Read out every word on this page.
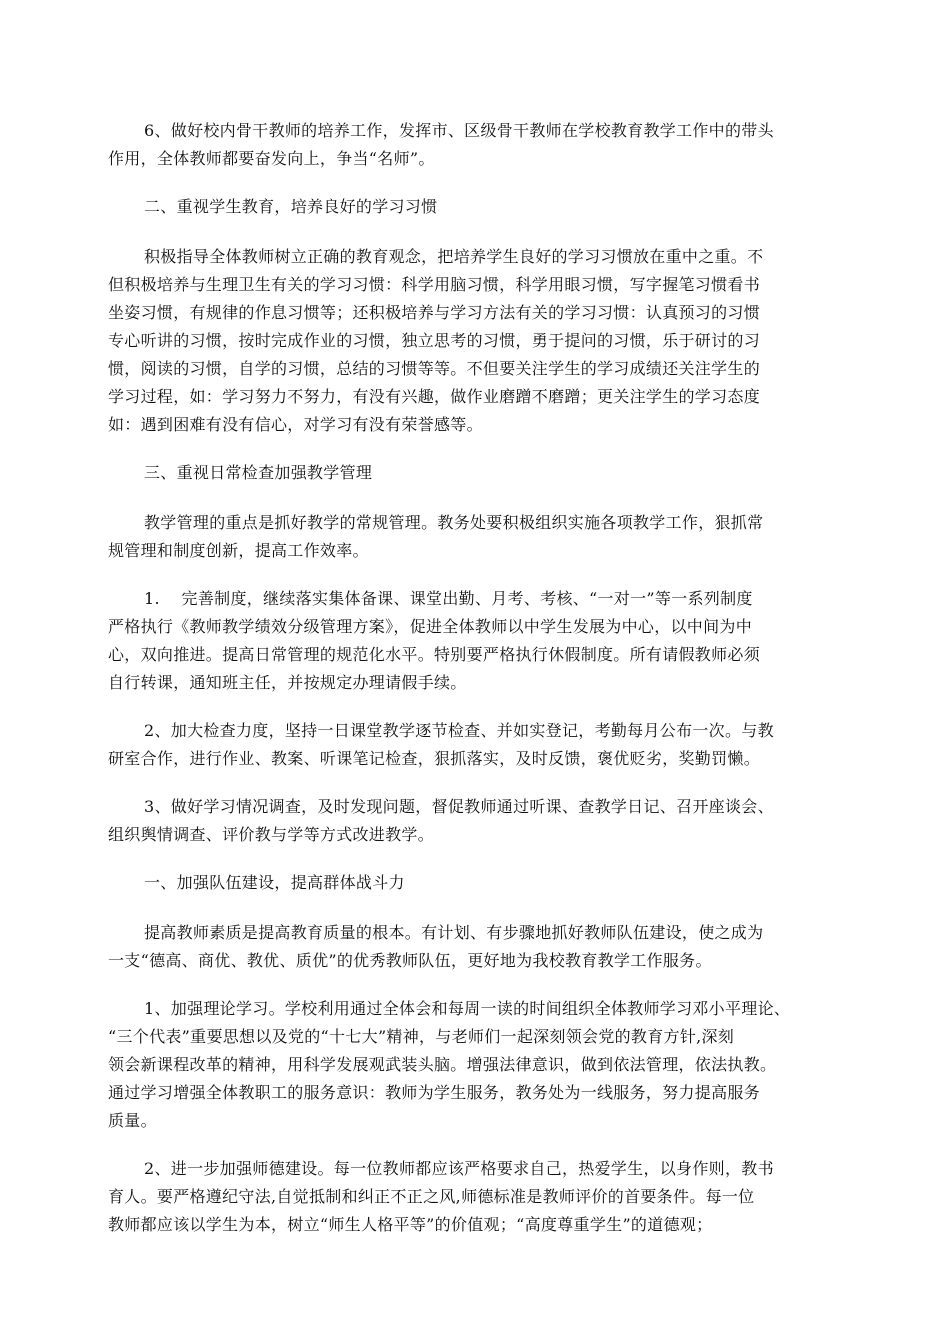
6、做好校内骨干教师的培养工作，发挥市、区级骨干教师在学校教育教学工作中的带头
作用，全体教师都要奋发向上，争当“名师”。

二、重视学生教育，培养良好的学习习惯

积极指导全体教师树立正确的教育观念，把培养学生良好的学习习惯放在重中之重。不
但积极培养与生理卫生有关的学习习惯：科学用脑习惯，科学用眼习惯，写字握笔习惯看书
坐姿习惯，有规律的作息习惯等；还积极培养与学习方法有关的学习习惯：认真预习的习惯
专心听讲的习惯，按时完成作业的习惯，独立思考的习惯，勇于提问的习惯，乐于研讨的习
惯，阅读的习惯，自学的习惯，总结的习惯等等。不但要关注学生的学习成绩还关注学生的
学习过程，如：学习努力不努力，有没有兴趣，做作业磨蹭不磨蹭；更关注学生的学习态度
如：遇到困难有没有信心，对学习有没有荣誉感等。

三、重视日常检查加强教学管理

教学管理的重点是抓好教学的常规管理。教务处要积极组织实施各项教学工作，狠抓常
规管理和制度创新，提高工作效率。

1.　 完善制度，继续落实集体备课、课堂出勤、月考、考核、“一对一”等一系列制度
严格执行《教师教学绩效分级管理方案》，促进全体教师以中学生发展为中心，以中间为中
心，双向推进。提高日常管理的规范化水平。特别要严格执行休假制度。所有请假教师必须
自行转课，通知班主任，并按规定办理请假手续。

2、加大检查力度，坚持一日课堂教学逐节检查、并如实登记，考勤每月公布一次。与教
研室合作，进行作业、教案、听课笔记检查，狠抓落实，及时反馈，褒优贬劣，奖勤罚懒。

3、做好学习情况调查，及时发现问题，督促教师通过听课、查教学日记、召开座谈会、
组织舆情调查、评价教与学等方式改进教学。

一、加强队伍建设，提高群体战斗力

提高教师素质是提高教育质量的根本。有计划、有步骤地抓好教师队伍建设，使之成为
一支“德高、商优、教优、质优”的优秀教师队伍，更好地为我校教育教学工作服务。

1、加强理论学习。学校利用通过全体会和每周一读的时间组织全体教师学习邓小平理论、
“三个代表”重要思想以及党的“十七大”精神，与老师们一起深刻领会党的教育方针,深刻
领会新课程改革的精神，用科学发展观武装头脑。增强法律意识，做到依法管理，依法执教。
通过学习增强全体教职工的服务意识：教师为学生服务，教务处为一线服务，努力提高服务
质量。

2、进一步加强师德建设。每一位教师都应该严格要求自己，热爱学生，以身作则，教书
育人。要严格遵纪守法,自觉抵制和纠正不正之风,师德标准是教师评价的首要条件。每一位
教师都应该以学生为本，树立“师生人格平等”的价值观；“高度尊重学生”的道德观；
